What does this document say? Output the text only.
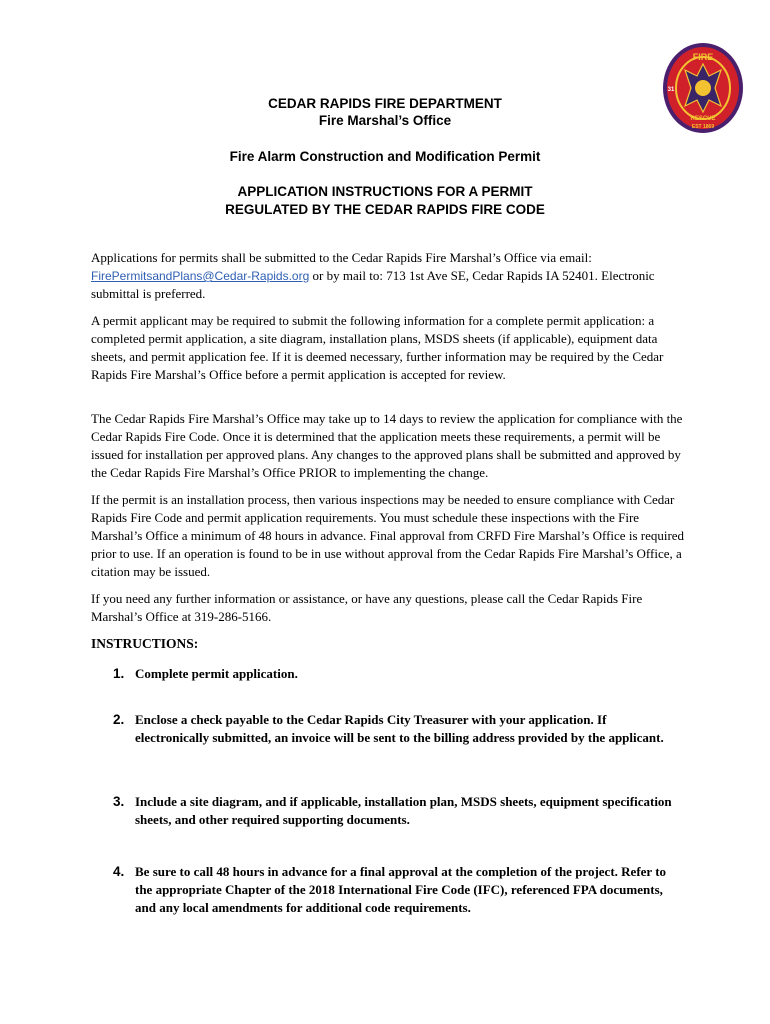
FIRE
RESCUE
EST 1869
31
CEDAR RAPIDS FIRE DEPARTMENT
Fire Marshal’s Office
Fire Alarm Construction and Modification Permit
APPLICATION INSTRUCTIONS FOR A PERMIT
REGULATED BY THE CEDAR RAPIDS FIRE CODE

Applications for permits shall be submitted to the Cedar Rapids Fire Marshal’s Office via email: FirePermitsandPlans@Cedar-Rapids.org or by mail to: 713 1st Ave SE, Cedar Rapids IA 52401. Electronic submittal is preferred.

A permit applicant may be required to submit the following information for a complete permit application: a completed permit application, a site diagram, installation plans, MSDS sheets (if applicable), equipment data sheets, and permit application fee. If it is deemed necessary, further information may be required by the Cedar Rapids Fire Marshal’s Office before a permit application is accepted for review.

The Cedar Rapids Fire Marshal’s Office may take up to 14 days to review the application for compliance with the Cedar Rapids Fire Code. Once it is determined that the application meets these requirements, a permit will be issued for installation per approved plans. Any changes to the approved plans shall be submitted and approved by the Cedar Rapids Fire Marshal’s Office PRIOR to implementing the change.

If the permit is an installation process, then various inspections may be needed to ensure compliance with Cedar Rapids Fire Code and permit application requirements. You must schedule these inspections with the Fire Marshal’s Office a minimum of 48 hours in advance. Final approval from CRFD Fire Marshal’s Office is required prior to use. If an operation is found to be in use without approval from the Cedar Rapids Fire Marshal’s Office, a citation may be issued.

If you need any further information or assistance, or have any questions, please call the Cedar Rapids Fire Marshal’s Office at 319-286-5166.

INSTRUCTIONS:
1. Complete permit application.
2. Enclose a check payable to the Cedar Rapids City Treasurer with your application. If electronically submitted, an invoice will be sent to the billing address provided by the applicant.
3. Include a site diagram, and if applicable, installation plan, MSDS sheets, equipment specification sheets, and other required supporting documents.
4. Be sure to call 48 hours in advance for a final approval at the completion of the project. Refer to the appropriate Chapter of the 2018 International Fire Code (IFC), referenced FPA documents, and any local amendments for additional code requirements.
